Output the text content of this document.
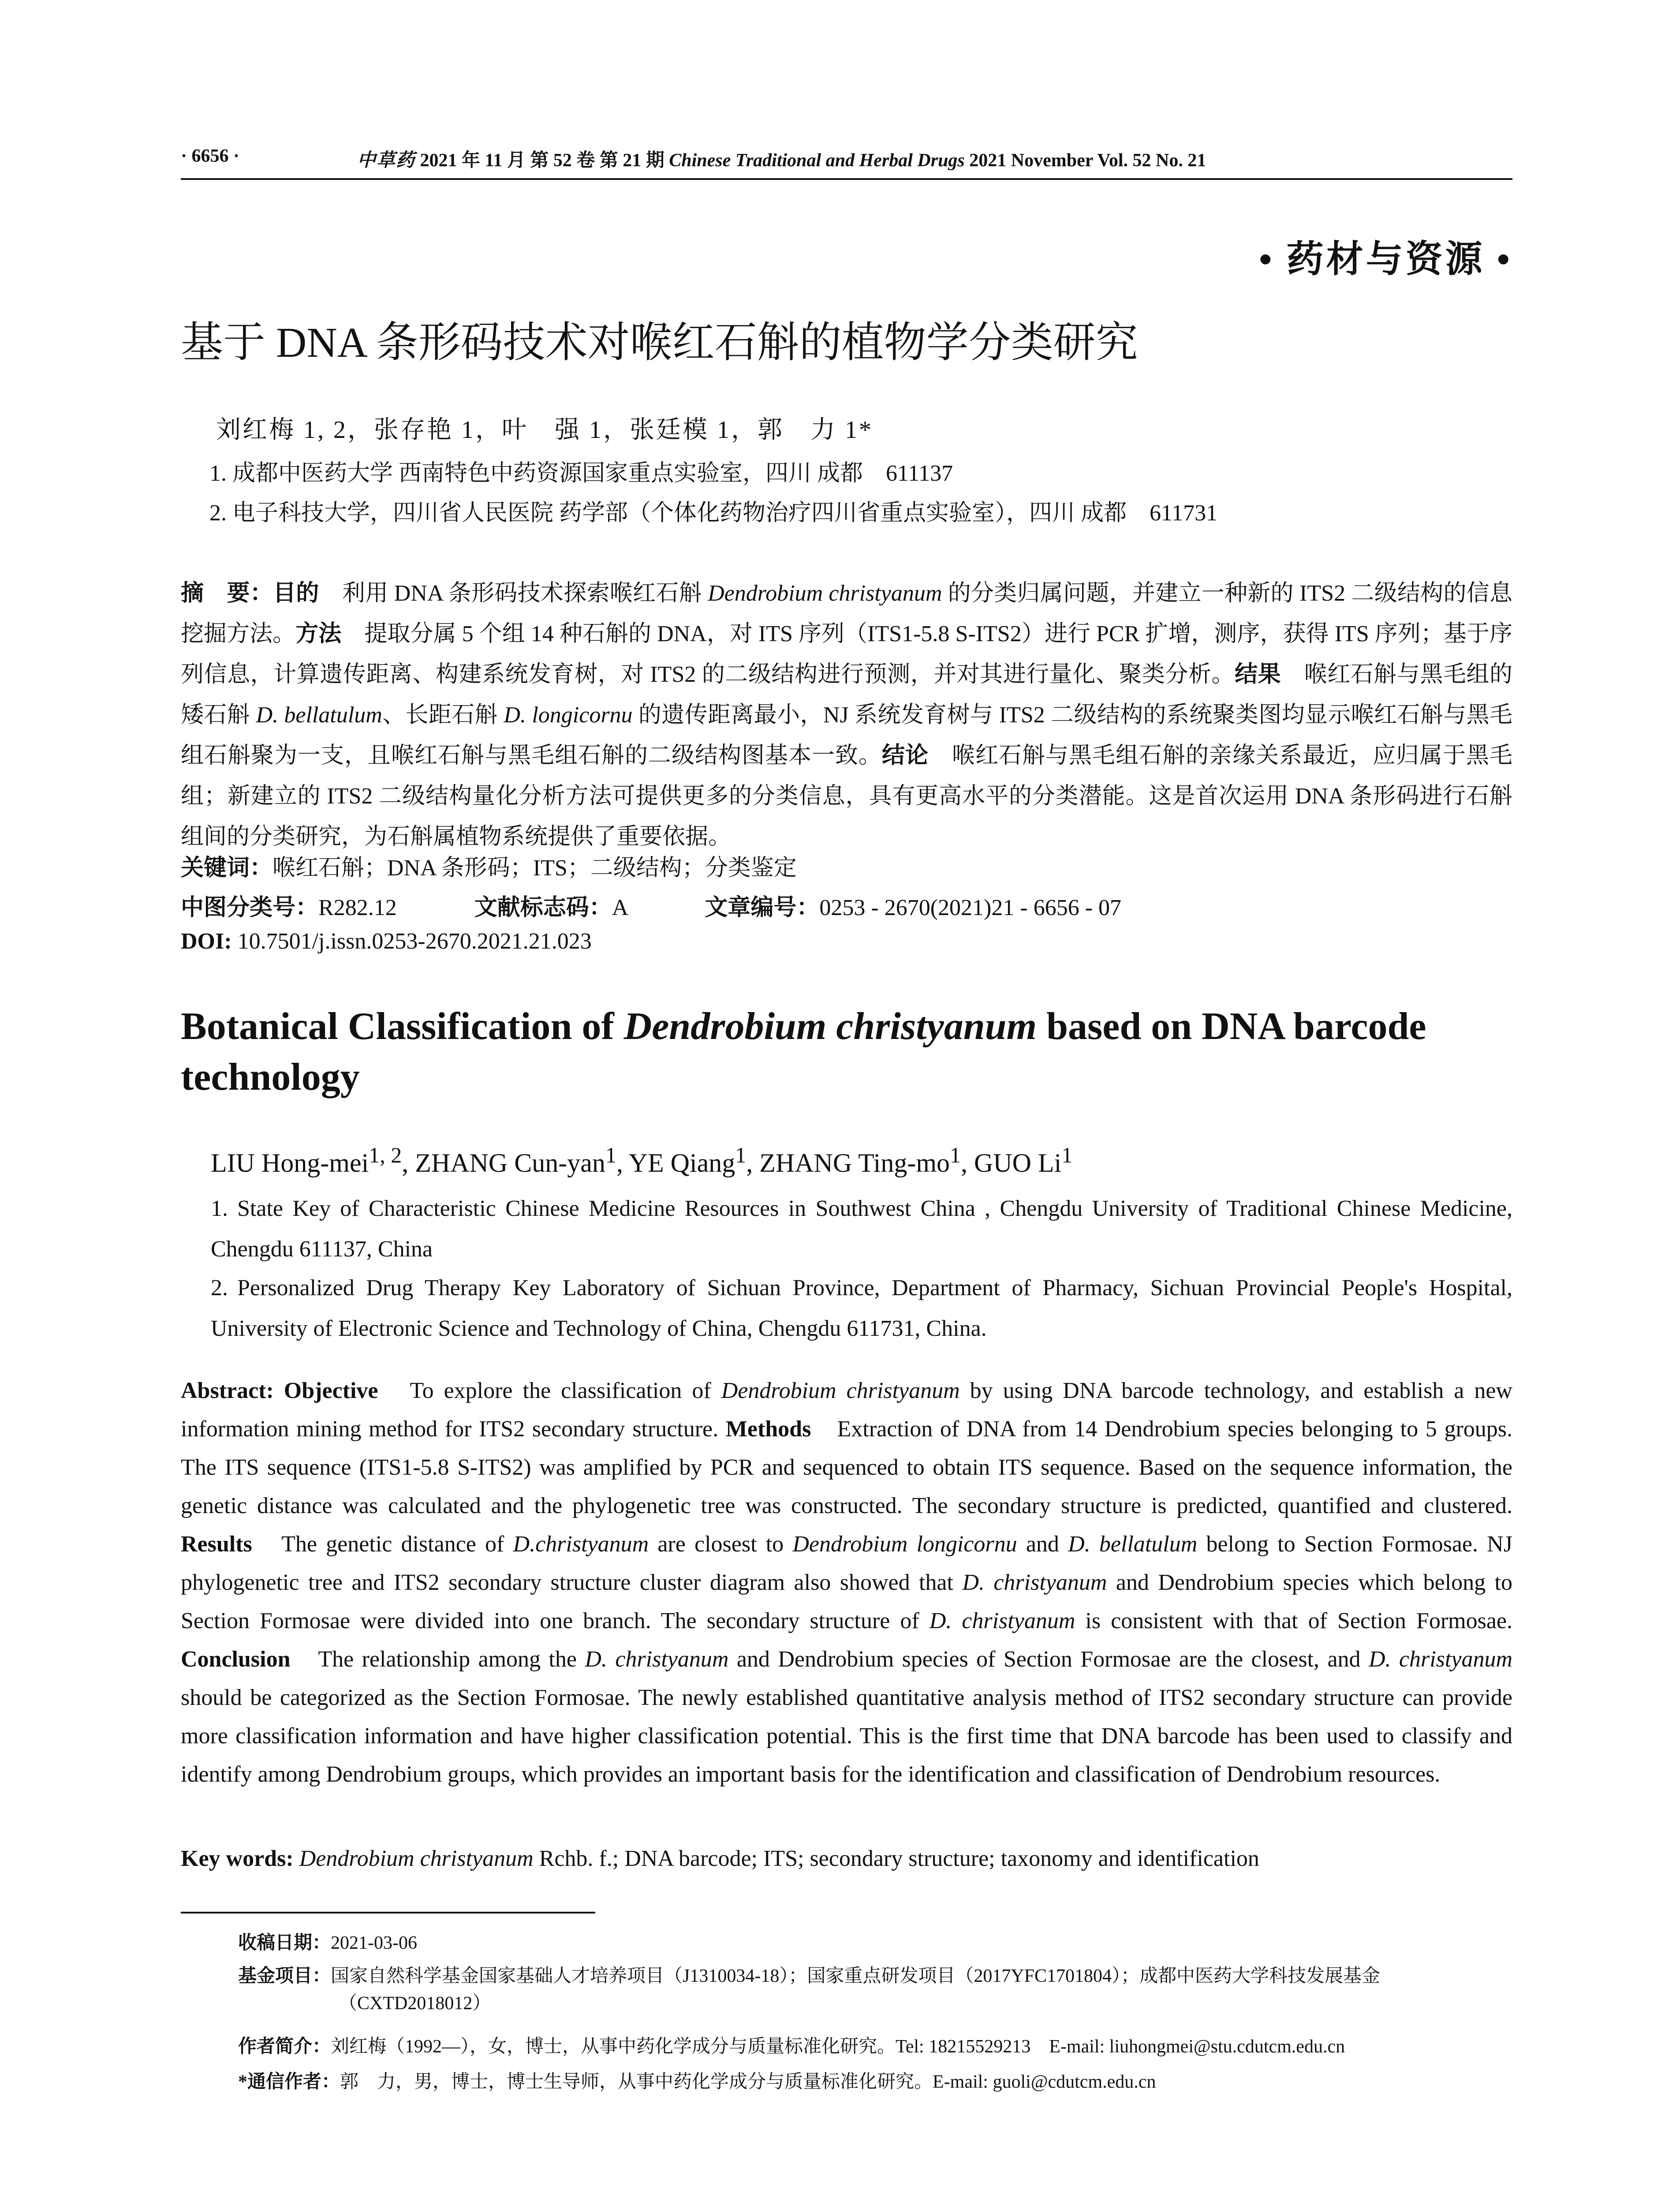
· 6656 ·	中草药 2021 年 11 月 第 52 卷 第 21 期 Chinese Traditional and Herbal Drugs 2021 November Vol. 52 No. 21
• 药材与资源 •
基于 DNA 条形码技术对喉红石斛的植物学分类研究
刘红梅 1, 2，张存艳 1，叶　强 1，张廷模 1，郭　力 1*
1. 成都中医药大学 西南特色中药资源国家重点实验室，四川 成都　611137
2. 电子科技大学，四川省人民医院 药学部（个体化药物治疗四川省重点实验室），四川 成都　611731
摘　要：目的　利用 DNA 条形码技术探索喉红石斛 Dendrobium christyanum 的分类归属问题，并建立一种新的 ITS2 二级结构的信息挖掘方法。方法　提取分属 5 个组 14 种石斛的 DNA，对 ITS 序列（ITS1-5.8 S-ITS2）进行 PCR 扩增，测序，获得 ITS 序列；基于序列信息，计算遗传距离、构建系统发育树，对 ITS2 的二级结构进行预测，并对其进行量化、聚类分析。结果　喉红石斛与黑毛组的矮石斛 D. bellatulum、长距石斛 D. longicornu 的遗传距离最小，NJ 系统发育树与 ITS2 二级结构的系统聚类图均显示喉红石斛与黑毛组石斛聚为一支，且喉红石斛与黑毛组石斛的二级结构图基本一致。结论　喉红石斛与黑毛组石斛的亲缘关系最近，应归属于黑毛组；新建立的 ITS2 二级结构量化分析方法可提供更多的分类信息，具有更高水平的分类潜能。这是首次运用 DNA 条形码进行石斛组间的分类研究，为石斛属植物系统提供了重要依据。
关键词：喉红石斛；DNA 条形码；ITS；二级结构；分类鉴定
中图分类号：R282.12	文献标志码：A	文章编号：0253 - 2670(2021)21 - 6656 - 07
DOI: 10.7501/j.issn.0253-2670.2021.21.023
Botanical Classification of Dendrobium christyanum based on DNA barcode technology
LIU Hong-mei$^{1, 2}$, ZHANG Cun-yan$^1$, YE Qiang$^1$, ZHANG Ting-$mo^1$, GUO Li$^1$
1. State Key of Characteristic Chinese Medicine Resources in Southwest China , Chengdu University of Traditional Chinese Medicine, Chengdu 611137, China
2. Personalized Drug Therapy Key Laboratory of Sichuan Province, Department of Pharmacy, Sichuan Provincial People's Hospital, University of Electronic Science and Technology of China, Chengdu 611731, China.
Abstract: Objective　To explore the classification of Dendrobium christyanum by using DNA barcode technology, and establish a new information mining method for ITS2 secondary structure. Methods　Extraction of DNA from 14 Dendrobium species belonging to 5 groups. The ITS sequence (ITS1-5.8 S-ITS2) was amplified by PCR and sequenced to obtain ITS sequence. Based on the sequence information, the genetic distance was calculated and the phylogenetic tree was constructed. The secondary structure is predicted, quantified and clustered. Results　The genetic distance of D.christyanum are closest to Dendrobium longicornu and D. bellatulum belong to Section Formosae. NJ phylogenetic tree and ITS2 secondary structure cluster diagram also showed that D. christyanum and Dendrobium species which belong to Section Formosae were divided into one branch. The secondary structure of D. christyanum is consistent with that of Section Formosae. Conclusion　The relationship among the D. christyanum and Dendrobium species of Section Formosae are the closest, and D. christyanum should be categorized as the Section Formosae. The newly established quantitative analysis method of ITS2 secondary structure can provide more classification information and have higher classification potential. This is the first time that DNA barcode has been used to classify and identify among Dendrobium groups, which provides an important basis for the identification and classification of Dendrobium resources.
Key words: Dendrobium christyanum Rchb. f.; DNA barcode; ITS; secondary structure; taxonomy and identification
收稿日期：2021-03-06
基金项目：国家自然科学基金国家基础人才培养项目（J1310034-18）；国家重点研发项目（2017YFC1701804）；成都中医药大学科技发展基金
（CXTD2018012）
作者简介：刘红梅（1992—），女，博士，从事中药化学成分与质量标准化研究。Tel: 18215529213　E-mail: liuhongmei@stu.cdutcm.edu.cn
*通信作者：郭　力，男，博士，博士生导师，从事中药化学成分与质量标准化研究。E-mail: guoli@cdutcm.edu.cn
